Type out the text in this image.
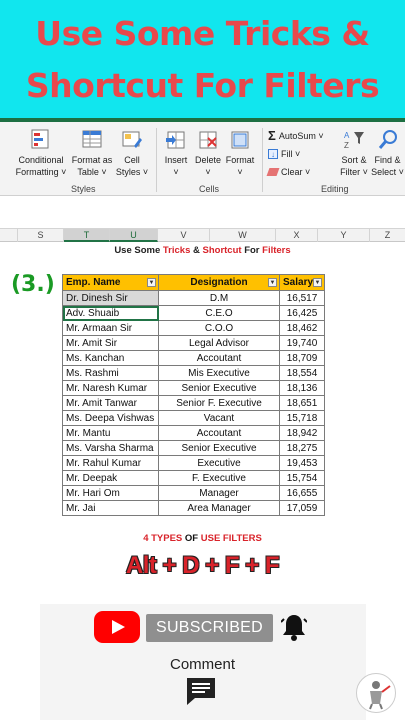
Use Some Tricks &
Shortcut For Filters
Conditional
Formatting ˅
Format as
Table ˅
Cell
Styles ˅
Styles
Insert
˅
Delete
˅
Format
˅
Cells
Σ AutoSum ˅
↓ Fill ˅
Clear ˅
A
Z
Sort &
Filter ˅
Find &
Select ˅
Editing
S	T	U	V	W	X	Y	Z
Use Some Tricks & Shortcut For Filters
(3.) Emp. Name ▼	Designation ▼	Salary ▼

Dr. Dinesh Sir	D.M	16,517
Adv. Shuaib	C.E.O	16,425
Mr. Armaan Sir	C.O.O	18,462
Mr. Amit Sir	Legal Advisor	19,740
Ms. Kanchan	Accoutant	18,709
Ms. Rashmi	Mis Executive	18,554
Mr. Naresh Kumar	Senior Executive	18,136
Mr. Amit Tanwar	Senior F. Executive	18,651
Ms. Deepa Vishwas	Vacant	15,718
Mr. Mantu	Accoutant	18,942
Ms. Varsha Sharma	Senior Executive	18,275
Mr. Rahul Kumar	Executive	19,453
Mr. Deepak	F. Executive	15,754
Mr. Hari Om	Manager	16,655
Mr. Jai	Area Manager	17,059
4 TYPES OF USE FILTERS
Alt + D + F + F
SUBSCRIBED
Comment
